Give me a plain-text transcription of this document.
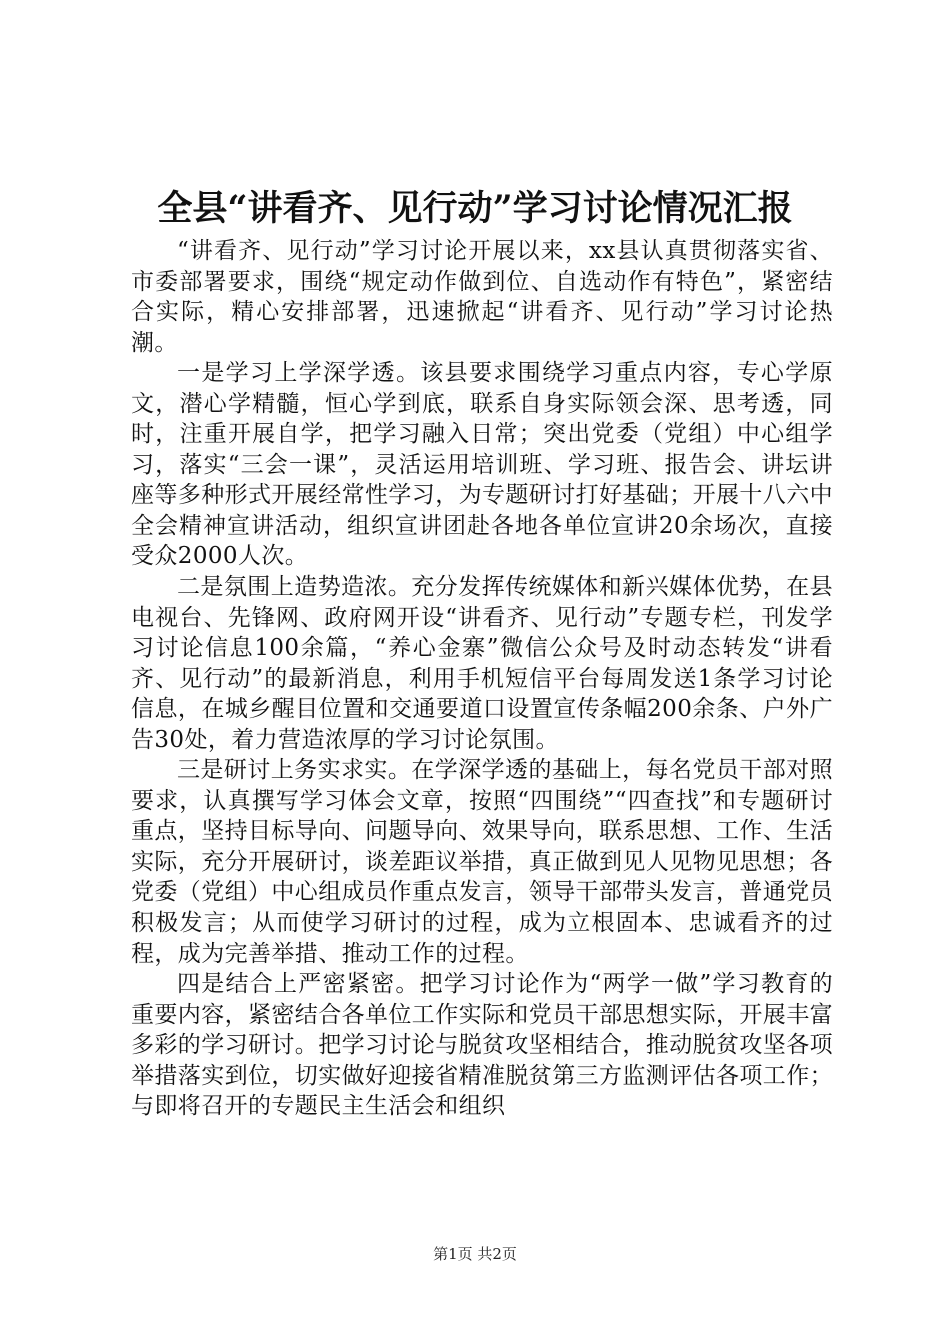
全县“讲看齐、见行动”学习讨论情况汇报

“讲看齐、见行动”学习讨论开展以来，xx县认真贯彻落实省、市委部署要求，围绕“规定动作做到位、自选动作有特色”，紧密结合实际，精心安排部署，迅速掀起“讲看齐、见行动”学习讨论热潮。

一是学习上学深学透。该县要求围绕学习重点内容，专心学原文，潜心学精髓，恒心学到底，联系自身实际领会深、思考透，同时，注重开展自学，把学习融入日常；突出党委（党组）中心组学习，落实“三会一课”，灵活运用培训班、学习班、报告会、讲坛讲座等多种形式开展经常性学习，为专题研讨打好基础；开展十八六中全会精神宣讲活动，组织宣讲团赴各地各单位宣讲20余场次，直接受众2000人次。

二是氛围上造势造浓。充分发挥传统媒体和新兴媒体优势，在县电视台、先锋网、政府网开设“讲看齐、见行动”专题专栏，刊发学习讨论信息100余篇，“养心金寨”微信公众号及时动态转发“讲看齐、见行动”的最新消息，利用手机短信平台每周发送1条学习讨论信息，在城乡醒目位置和交通要道口设置宣传条幅200余条、户外广告30处，着力营造浓厚的学习讨论氛围。

三是研讨上务实求实。在学深学透的基础上，每名党员干部对照要求，认真撰写学习体会文章，按照“四围绕”“四查找”和专题研讨重点，坚持目标导向、问题导向、效果导向，联系思想、工作、生活实际，充分开展研讨，谈差距议举措，真正做到见人见物见思想；各党委（党组）中心组成员作重点发言，领导干部带头发言，普通党员积极发言；从而使学习研讨的过程，成为立根固本、忠诚看齐的过程，成为完善举措、推动工作的过程。

四是结合上严密紧密。把学习讨论作为“两学一做”学习教育的重要内容，紧密结合各单位工作实际和党员干部思想实际，开展丰富多彩的学习研讨。把学习讨论与脱贫攻坚相结合，推动脱贫攻坚各项举措落实到位，切实做好迎接省精准脱贫第三方监测评估各项工作；与即将召开的专题民主生活会和组织

第1页 共2页
